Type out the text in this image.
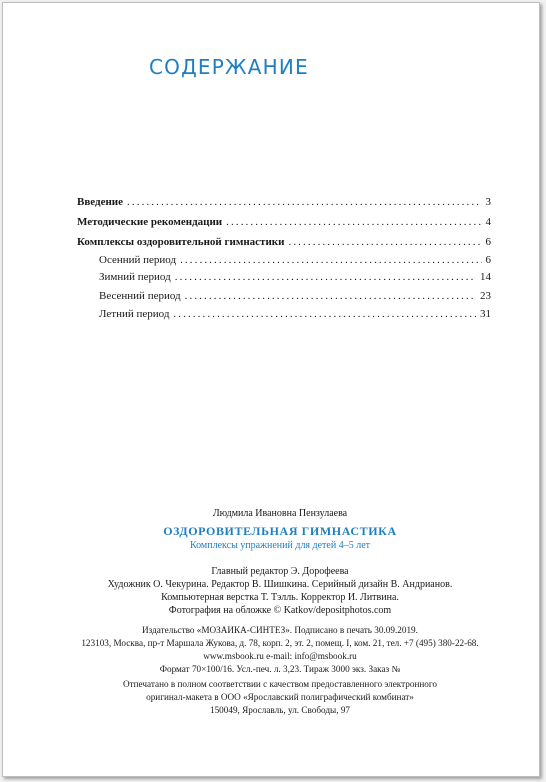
СОДЕРЖАНИЕ
Введение .....	3
Методические рекомендации .....	4
Комплексы оздоровительной гимнастики .....	6
Осенний период .....	6
Зимний период .....	14
Весенний период .....	23
Летний период .....	31
Людмила Ивановна Пензулаева
ОЗДОРОВИТЕЛЬНАЯ ГИМНАСТИКА
Комплексы упражнений для детей 4–5 лет
Главный редактор Э. Дорофеева
Художник О. Чекурина. Редактор В. Шишкина. Серийный дизайн В. Андрианов.
Компьютерная верстка Т. Тэлль. Корректор И. Литвина.
Фотография на обложке © Katkov/depositphotos.com
Издательство «МОЗАИКА-СИНТЕЗ». Подписано в печать 30.09.2019.
123103, Москва, пр-т Маршала Жукова, д. 78, корп. 2, эт. 2, помещ. I, ком. 21, тел. +7 (495) 380-22-68.
www.msbook.ru e-mail: info@msbook.ru
Формат 70×100/16. Усл.-печ. л. 3,23. Тираж 3000 экз. Заказ №
Отпечатано в полном соответствии с качеством предоставленного электронного
оригинал-макета в ООО «Ярославский полиграфический комбинат»
150049, Ярославль, ул. Свободы, 97
